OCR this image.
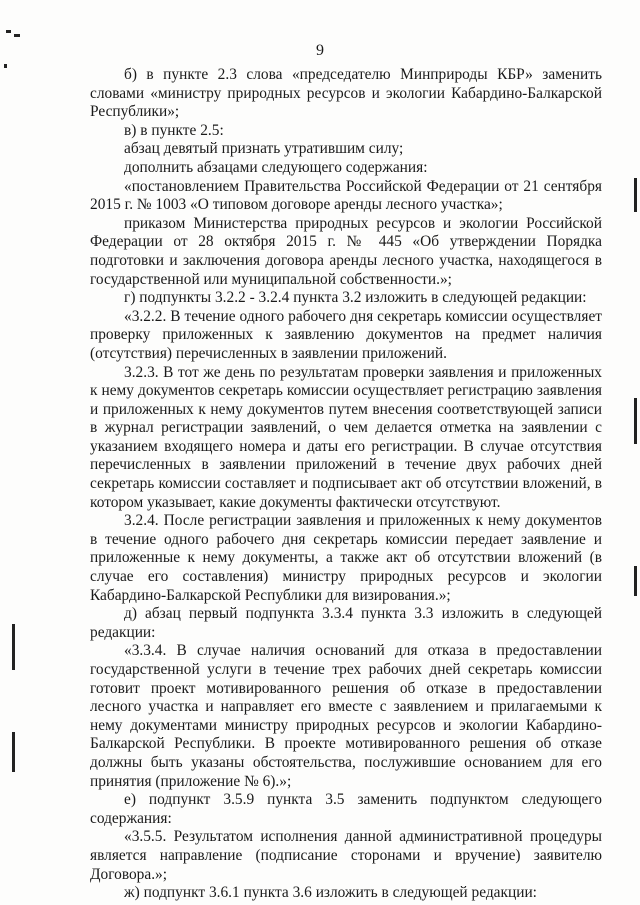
9

б) в пункте 2.3 слова «председателю Минприроды КБР» заменить словами «министру природных ресурсов и экологии Кабардино-Балкарской Республики»;

в) в пункте 2.5:

абзац девятый признать утратившим силу;

дополнить абзацами следующего содержания:

«постановлением Правительства Российской Федерации от 21 сентября 2015 г. № 1003 «О типовом договоре аренды лесного участка»;

приказом Министерства природных ресурсов и экологии Российской Федерации от 28 октября 2015 г. № 445 «Об утверждении Порядка подготовки и заключения договора аренды лесного участка, находящегося в государственной или муниципальной собственности.»;

г) подпункты 3.2.2 - 3.2.4 пункта 3.2 изложить в следующей редакции:

«3.2.2. В течение одного рабочего дня секретарь комиссии осуществляет проверку приложенных к заявлению документов на предмет наличия (отсутствия) перечисленных в заявлении приложений.

3.2.3. В тот же день по результатам проверки заявления и приложенных к нему документов секретарь комиссии осуществляет регистрацию заявления и приложенных к нему документов путем внесения соответствующей записи в журнал регистрации заявлений, о чем делается отметка на заявлении с указанием входящего номера и даты его регистрации. В случае отсутствия перечисленных в заявлении приложений в течение двух рабочих дней секретарь комиссии составляет и подписывает акт об отсутствии вложений, в котором указывает, какие документы фактически отсутствуют.

3.2.4. После регистрации заявления и приложенных к нему документов в течение одного рабочего дня секретарь комиссии передает заявление и приложенные к нему документы, а также акт об отсутствии вложений (в случае его составления) министру природных ресурсов и экологии Кабардино-Балкарской Республики для визирования.»;

д) абзац первый подпункта 3.3.4 пункта 3.3 изложить в следующей редакции:

«3.3.4. В случае наличия оснований для отказа в предоставлении государственной услуги в течение трех рабочих дней секретарь комиссии готовит проект мотивированного решения об отказе в предоставлении лесного участка и направляет его вместе с заявлением и прилагаемыми к нему документами министру природных ресурсов и экологии Кабардино-Балкарской Республики. В проекте мотивированного решения об отказе должны быть указаны обстоятельства, послужившие основанием для его принятия (приложение № 6).»;

е) подпункт 3.5.9 пункта 3.5 заменить подпунктом следующего содержания:

«3.5.5. Результатом исполнения данной административной процедуры является направление (подписание сторонами и вручение) заявителю Договора.»;

ж) подпункт 3.6.1 пункта 3.6 изложить в следующей редакции:
